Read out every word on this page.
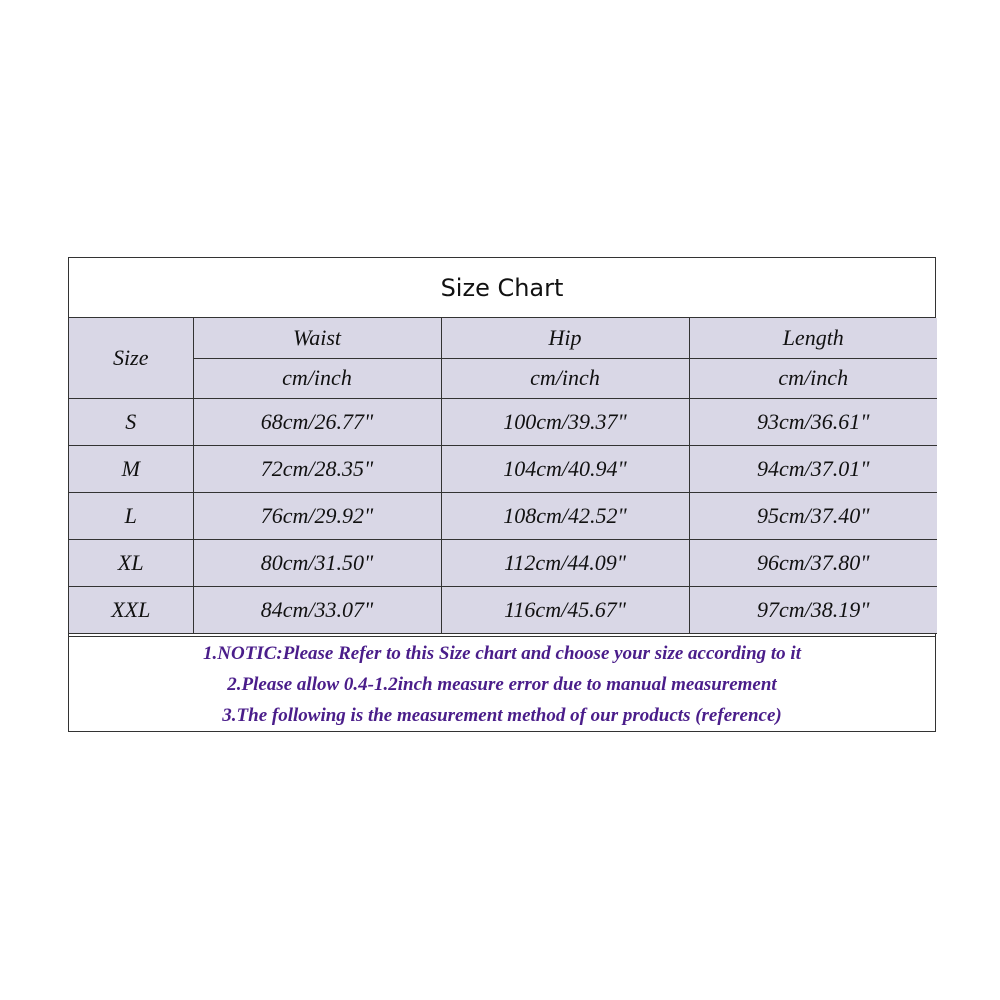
Size Chart
Size	Waist	Hip	Length
	cm/inch	cm/inch	cm/inch
S	68cm/26.77"	100cm/39.37"	93cm/36.61"
M	72cm/28.35"	104cm/40.94"	94cm/37.01"
L	76cm/29.92"	108cm/42.52"	95cm/37.40"
XL	80cm/31.50"	112cm/44.09"	96cm/37.80"
XXL	84cm/33.07"	116cm/45.67"	97cm/38.19"
1.NOTIC:Please Refer to this Size chart and choose your size according to it
2.Please allow 0.4-1.2inch measure error due to manual measurement
3.The following is the measurement method of our products (reference)
